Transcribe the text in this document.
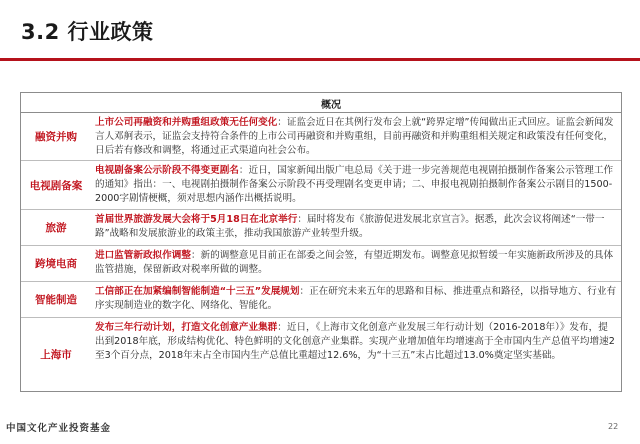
3.2 行业政策
概况
融资并购
上市公司再融资和并购重组政策无任何变化：证监会近日在其例行发布会上就“跨界定增”传闻做出正式回应。证监会新闻发言人邓舸表示，证监会支持符合条件的上市公司再融资和并购重组，目前再融资和并购重组相关规定和政策没有任何变化，日后若有修改和调整，将通过正式渠道向社会公布。
电视剧备案
电视剧备案公示阶段不得变更剧名：近日，国家新闻出版广电总局《关于进一步完善规范电视剧拍摄制作备案公示管理工作的通知》指出：一、电视剧拍摄制作备案公示阶段不再受理剧名变更申请；二、申报电视剧拍摄制作备案公示剧目的1500-2000字剧情梗概，须对思想内涵作出概括说明。
旅游
首届世界旅游发展大会将于5月18日在北京举行：届时将发布《旅游促进发展北京宣言》。据悉，此次会议将阐述“一带一路”战略和发展旅游业的政策主张，推动我国旅游产业转型升级。
跨境电商
进口监管新政拟作调整：新的调整意见目前正在部委之间会签，有望近期发布。调整意见拟暂缓一年实施新政所涉及的具体监管措施，保留新政对税率所做的调整。
智能制造
工信部正在加紧编制智能制造“十三五”发展规划：正在研究未来五年的思路和目标、推进重点和路径，以指导地方、行业有序实现制造业的数字化、网络化、智能化。
上海市
发布三年行动计划，打造文化创意产业集群：近日，《上海市文化创意产业发展三年行动计划（2016-2018年）》发布，提出到2018年底，形成结构优化、特色鲜明的文化创意产业集群。实现产业增加值年均增速高于全市国内生产总值平均增速2至3个百分点，2018年末占全市国内生产总值比重超过12.6%，为“十三五”末占比超过13.0%奠定坚实基础。
中国文化产业投资基金	22
